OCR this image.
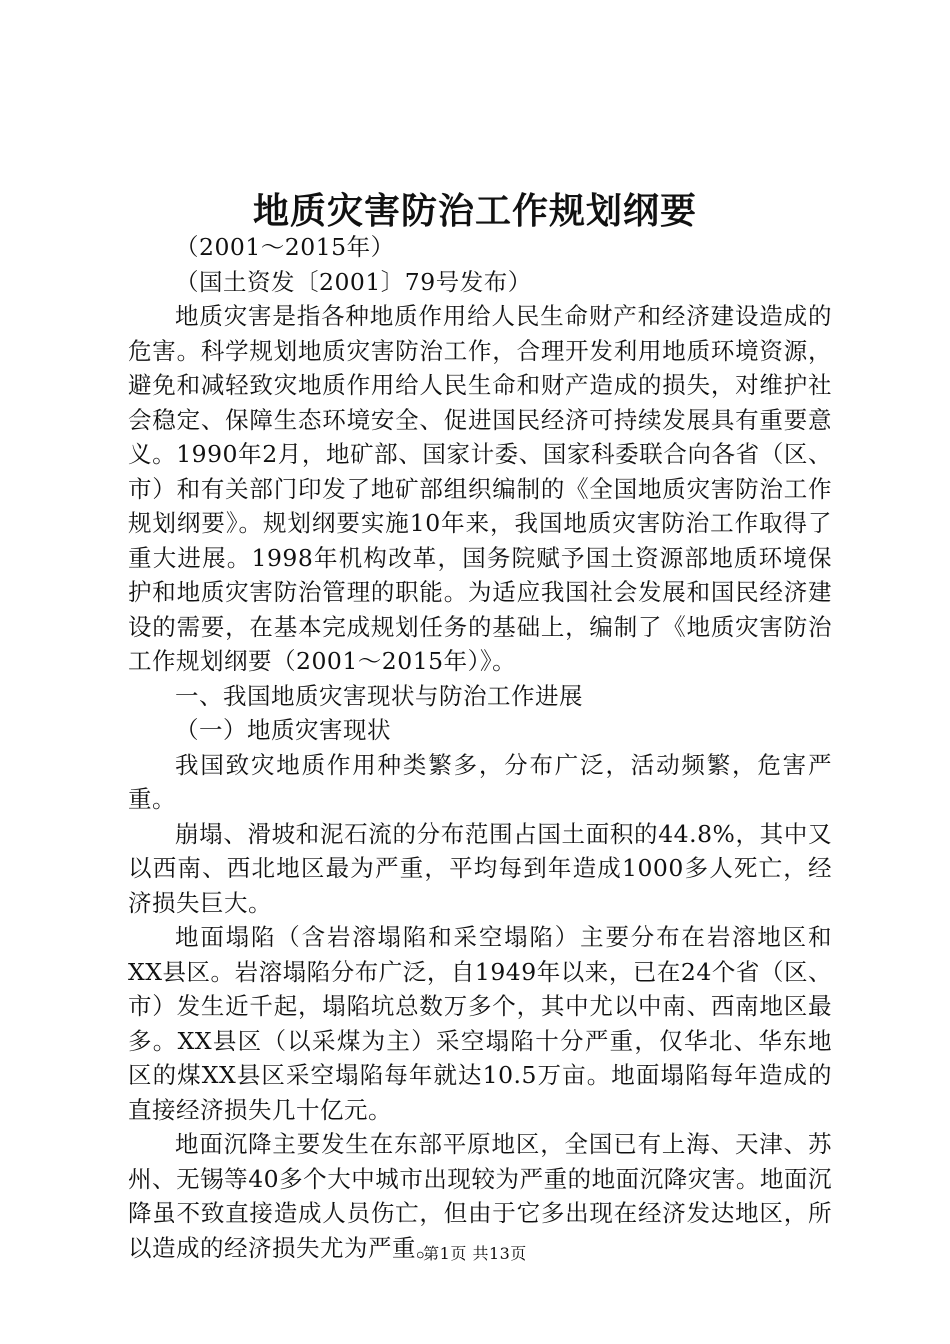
地质灾害防治工作规划纲要

（2001～2015年）

（国土资发〔2001〕79号发布）

地质灾害是指各种地质作用给人民生命财产和经济建设造成的危害。科学规划地质灾害防治工作，合理开发利用地质环境资源，避免和减轻致灾地质作用给人民生命和财产造成的损失，对维护社会稳定、保障生态环境安全、促进国民经济可持续发展具有重要意义。1990年2月，地矿部、国家计委、国家科委联合向各省（区、市）和有关部门印发了地矿部组织编制的《全国地质灾害防治工作规划纲要》。规划纲要实施10年来，我国地质灾害防治工作取得了重大进展。1998年机构改革，国务院赋予国土资源部地质环境保护和地质灾害防治管理的职能。为适应我国社会发展和国民经济建设的需要，在基本完成规划任务的基础上，编制了《地质灾害防治工作规划纲要（2001～2015年）》。

一、我国地质灾害现状与防治工作进展

（一）地质灾害现状

我国致灾地质作用种类繁多，分布广泛，活动频繁，危害严重。

崩塌、滑坡和泥石流的分布范围占国土面积的44.8%，其中又以西南、西北地区最为严重，平均每到年造成1000多人死亡，经济损失巨大。

地面塌陷（含岩溶塌陷和采空塌陷）主要分布在岩溶地区和XX县区。岩溶塌陷分布广泛，自1949年以来，已在24个省（区、市）发生近千起，塌陷坑总数万多个，其中尤以中南、西南地区最多。XX县区（以采煤为主）采空塌陷十分严重，仅华北、华东地区的煤XX县区采空塌陷每年就达10.5万亩。地面塌陷每年造成的直接经济损失几十亿元。

地面沉降主要发生在东部平原地区，全国已有上海、天津、苏州、无锡等40多个大中城市出现较为严重的地面沉降灾害。地面沉降虽不致直接造成人员伤亡，但由于它多出现在经济发达地区，所以造成的经济损失尤为严重。

第1页 共13页
